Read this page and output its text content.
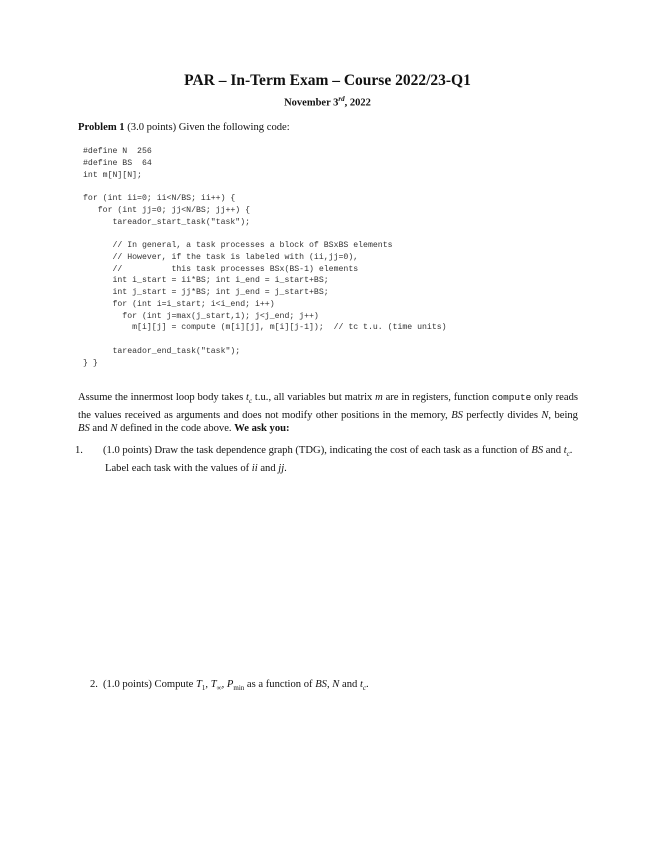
PAR – In-Term Exam – Course 2022/23-Q1
November 3rd, 2022
Problem 1 (3.0 points) Given the following code:
#define N  256
#define BS  64
int m[N][N];
for (int ii=0; ii<N/BS; ii++) {
for (int jj=0; jj<N/BS; jj++) {
tareador_start_task("task");
// In general, a task processes a block of BSxBS elements
// However, if the task is labeled with (ii,jj=0),
//          this task processes BSx(BS-1) elements
int i_start = ii*BS; int i_end = i_start+BS;
int j_start = jj*BS; int j_end = j_start+BS;
for (int i=i_start; i<i_end; i++)
for (int j=max(j_start,1); j<j_end; j++)
m[i][j] = compute (m[i][j], m[i][j-1]);  // tc t.u. (time units)
tareador_end_task("task");
} }
Assume the innermost loop body takes $t_c$ t.u., all variables but matrix m are in registers, function compute only reads the values received as arguments and does not modify other positions in the memory, BS perfectly divides N, being BS and N defined in the code above. We ask you:
1. (1.0 points) Draw the task dependence graph (TDG), indicating the cost of each task as a function of BS and $t_c$. Label each task with the values of ii and jj.
2. (1.0 points) Compute $T_1$, $T_\infty$, $P_{min}$ as a function of BS, N and $t_c$.
